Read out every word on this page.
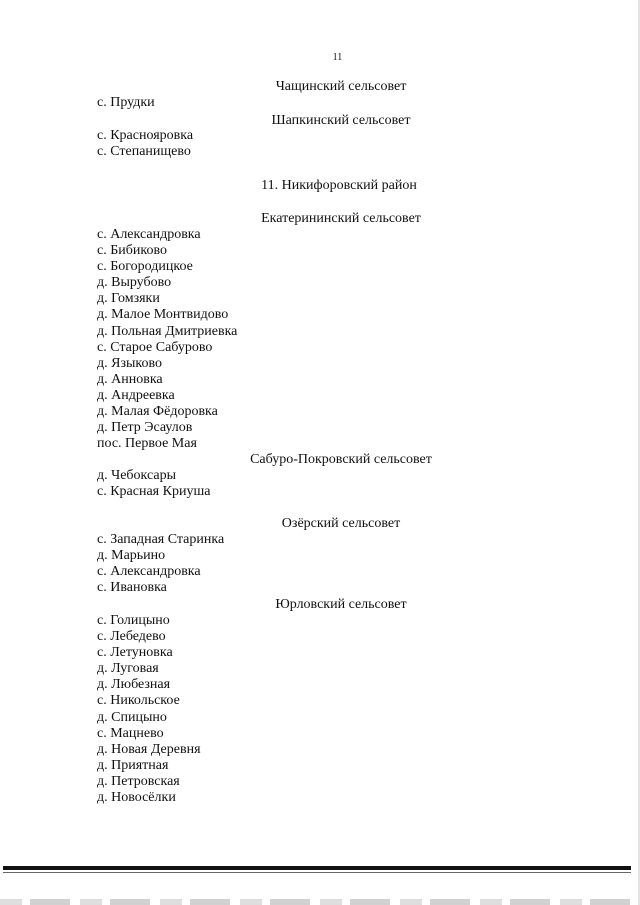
11
Чащинский сельсовет
с. Прудки
Шапкинский сельсовет
с. Краснояровка
с. Степанищево
11. Никифоровский район
Екатерининский сельсовет
с. Александровка
с. Бибиково
с. Богородицкое
д. Вырубово
д. Гомзяки
д. Малое Монтвидово
д. Польная Дмитриевка
с. Старое Сабурово
д. Языково
д. Анновка
д. Андреевка
д. Малая Фёдоровка
д. Петр Эсаулов
пос. Первое Мая
Сабуро-Покровский сельсовет
д. Чебоксары
с. Красная Криуша
Озёрский сельсовет
с. Западная Старинка
д. Марьино
с. Александровка
с. Ивановка
Юрловский сельсовет
с. Голицыно
с. Лебедево
с. Летуновка
д. Луговая
д. Любезная
с. Никольское
д. Спицыно
с. Мацнево
д. Новая Деревня
д. Приятная
д. Петровская
д. Новосёлки
